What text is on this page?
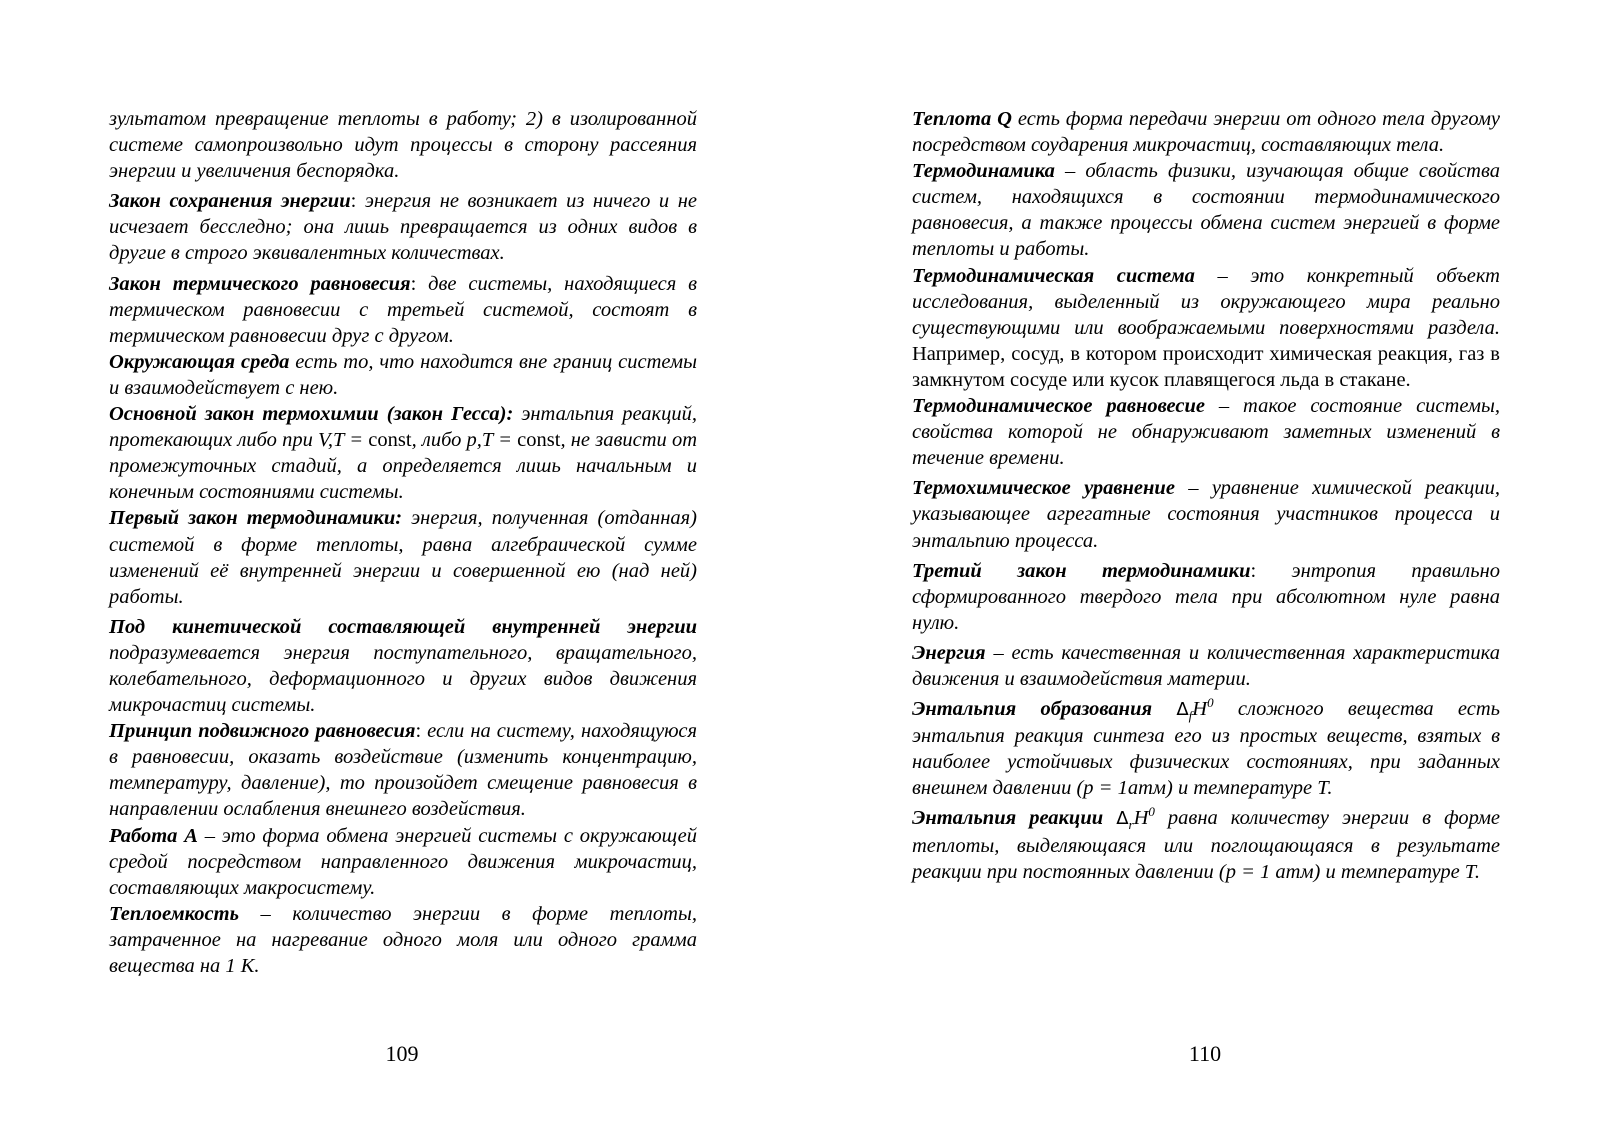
зультатом превращение теплоты в работу; 2) в изолированной системе самопроизвольно идут процессы в сторону рассеяния энергии и увеличения беспорядка.

Закон сохранения энергии: энергия не возникает из ничего и не исчезает бесследно; она лишь превращается из одних видов в другие в строго эквивалентных количествах.

Закон термического равновесия: две системы, находящиеся в термическом равновесии с третьей системой, состоят в термическом равновесии друг с другом.

Окружающая среда есть то, что находится вне границ системы и взаимодействует с нею.

Основной закон термохимии (закон Гесса): энтальпия реакций, протекающих либо при V,T = const, либо p,T = const, не зависти от промежуточных стадий, а определяется лишь начальным и конечным состояниями системы.

Первый закон термодинамики: энергия, полученная (отданная) системой в форме теплоты, равна алгебраической сумме изменений её внутренней энергии и совершенной ею (над ней) работы.

Под кинетической составляющей внутренней энергии подразумевается энергия поступательного, вращательного, колебательного, деформационного и других видов движения микрочастиц системы.

Принцип подвижного равновесия: если на систему, находящуюся в равновесии, оказать воздействие (изменить концентрацию, температуру, давление), то произойдет смещение равновесия в направлении ослабления внешнего воздействия.

Работа А – это форма обмена энергией системы с окружающей средой посредством направленного движения микрочастиц, составляющих макросистему.

Теплоемкость – количество энергии в форме теплоты, затраченное на нагревание одного моля или одного грамма вещества на 1 К.

109

Теплота Q есть форма передачи энергии от одного тела другому посредством соударения микрочастиц, составляющих тела.

Термодинамика – область физики, изучающая общие свойства систем, находящихся в состоянии термодинамического равновесия, а также процессы обмена систем энергией в форме теплоты и работы.

Термодинамическая система – это конкретный объект исследования, выделенный из окружающего мира реально существующими или воображаемыми поверхностями раздела. Например, сосуд, в котором происходит химическая реакция, газ в замкнутом сосуде или кусок плавящегося льда в стакане.

Термодинамическое равновесие – такое состояние системы, свойства которой не обнаруживают заметных изменений в течение времени.

Термохимическое уравнение – уравнение химической реакции, указывающее агрегатные состояния участников процесса и энтальпию процесса.

Третий закон термодинамики: энтропия правильно сформированного твердого тела при абсолютном нуле равна нулю.

Энергия – есть качественная и количественная характеристика движения и взаимодействия материи.

Энтальпия образования $\Delta_fH^0$ сложного вещества есть энтальпия реакция синтеза его из простых веществ, взятых в наиболее устойчивых физических состояниях, при заданных внешнем давлении (р = 1атм) и температуре Т.

Энтальпия реакции $\Delta_rH^0$ равна количеству энергии в форме теплоты, выделяющаяся или поглощающаяся в результате реакции при постоянных давлении (р = 1 атм) и температуре Т.

110
